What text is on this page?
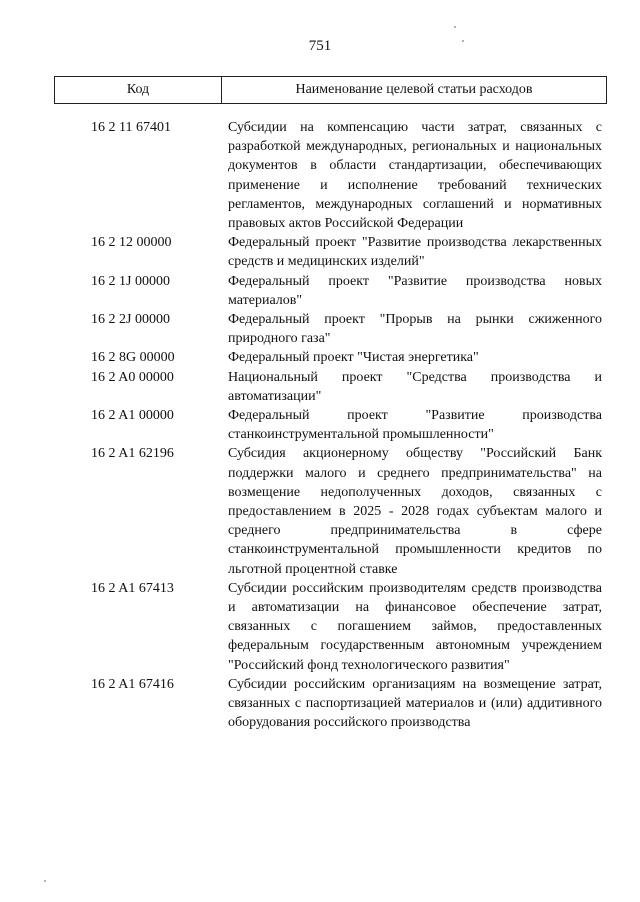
751
Код	Наименование целевой статьи расходов
16 2 11 67401	Субсидии на компенсацию части затрат, связанных с разработкой международных, региональных и национальных документов в области стандартизации, обеспечивающих применение и исполнение требований технических регламентов, международных соглашений и нормативных правовых актов Российской Федерации
16 2 12 00000	Федеральный проект "Развитие производства лекарственных средств и медицинских изделий"
16 2 1J 00000	Федеральный проект "Развитие производства новых материалов"
16 2 2J 00000	Федеральный проект "Прорыв на рынки сжиженного природного газа"
16 2 8G 00000	Федеральный проект "Чистая энергетика"
16 2 A0 00000	Национальный проект "Средства производства и автоматизации"
16 2 A1 00000	Федеральный проект "Развитие производства станкоинструментальной промышленности"
16 2 A1 62196	Субсидия акционерному обществу "Российский Банк поддержки малого и среднего предпринимательства" на возмещение недополученных доходов, связанных с предоставлением в 2025 - 2028 годах субъектам малого и среднего предпринимательства в сфере станкоинструментальной промышленности кредитов по льготной процентной ставке
16 2 A1 67413	Субсидии российским производителям средств производства и автоматизации на финансовое обеспечение затрат, связанных с погашением займов, предоставленных федеральным государственным автономным учреждением "Российский фонд технологического развития"
16 2 A1 67416	Субсидии российским организациям на возмещение затрат, связанных с паспортизацией материалов и (или) аддитивного оборудования российского производства
